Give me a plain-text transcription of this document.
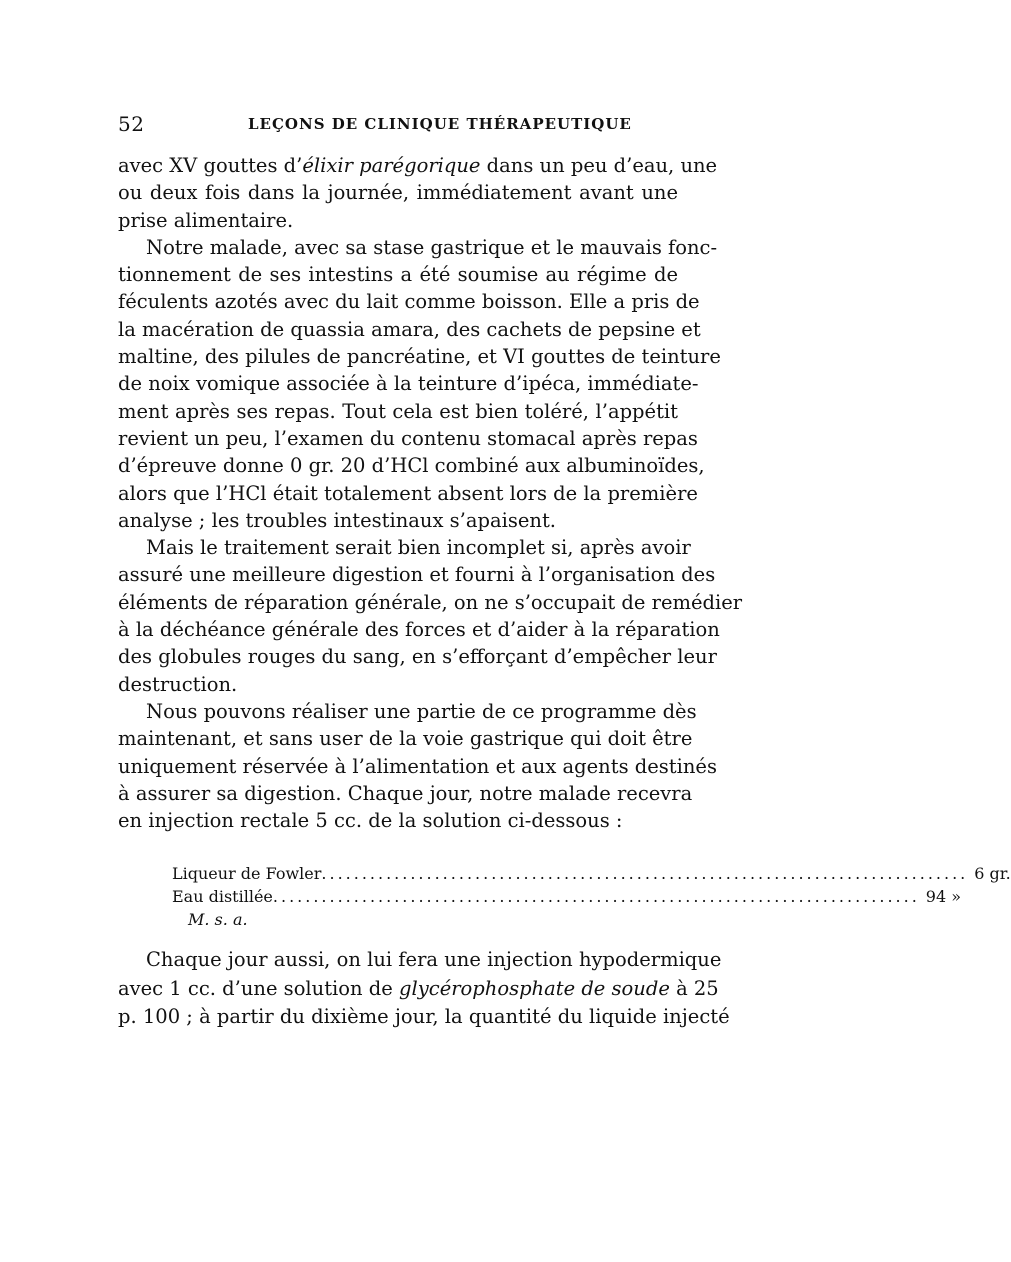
52	LEÇONS DE CLINIQUE THÉRAPEUTIQUE
avec XV gouttes d’élixir parégorique dans un peu d’eau, une
ou deux fois dans la journée, immédiatement avant une
prise alimentaire.
Notre malade, avec sa stase gastrique et le mauvais fonc-
tionnement de ses intestins a été soumise au régime de
féculents azotés avec du lait comme boisson. Elle a pris de
la macération de quassia amara, des cachets de pepsine et
maltine, des pilules de pancréatine, et VI gouttes de teinture
de noix vomique associée à la teinture d’ipéca, immédiate-
ment après ses repas. Tout cela est bien toléré, l’appétit
revient un peu, l’examen du contenu stomacal après repas
d’épreuve donne 0 gr. 20 d’HCl combiné aux albuminoïdes,
alors que l’HCl était totalement absent lors de la première
analyse ; les troubles intestinaux s’apaisent.
Mais le traitement serait bien incomplet si, après avoir
assuré une meilleure digestion et fourni à l’organisation des
éléments de réparation générale, on ne s’occupait de remédier
à la déchéance générale des forces et d’aider à la réparation
des globules rouges du sang, en s’efforçant d’empêcher leur
destruction.
Nous pouvons réaliser une partie de ce programme dès
maintenant, et sans user de la voie gastrique qui doit être
uniquement réservée à l’alimentation et aux agents destinés
à assurer sa digestion. Chaque jour, notre malade recevra
en injection rectale 5 cc. de la solution ci-dessous :
Liqueur de Fowler ................................................................................ 6 gr.
Eau distillée ................................................................................ 94 »
M. s. a.
Chaque jour aussi, on lui fera une injection hypodermique
avec 1 cc. d’une solution de glycérophosphate de soude à 25
p. 100 ; à partir du dixième jour, la quantité du liquide injecté
